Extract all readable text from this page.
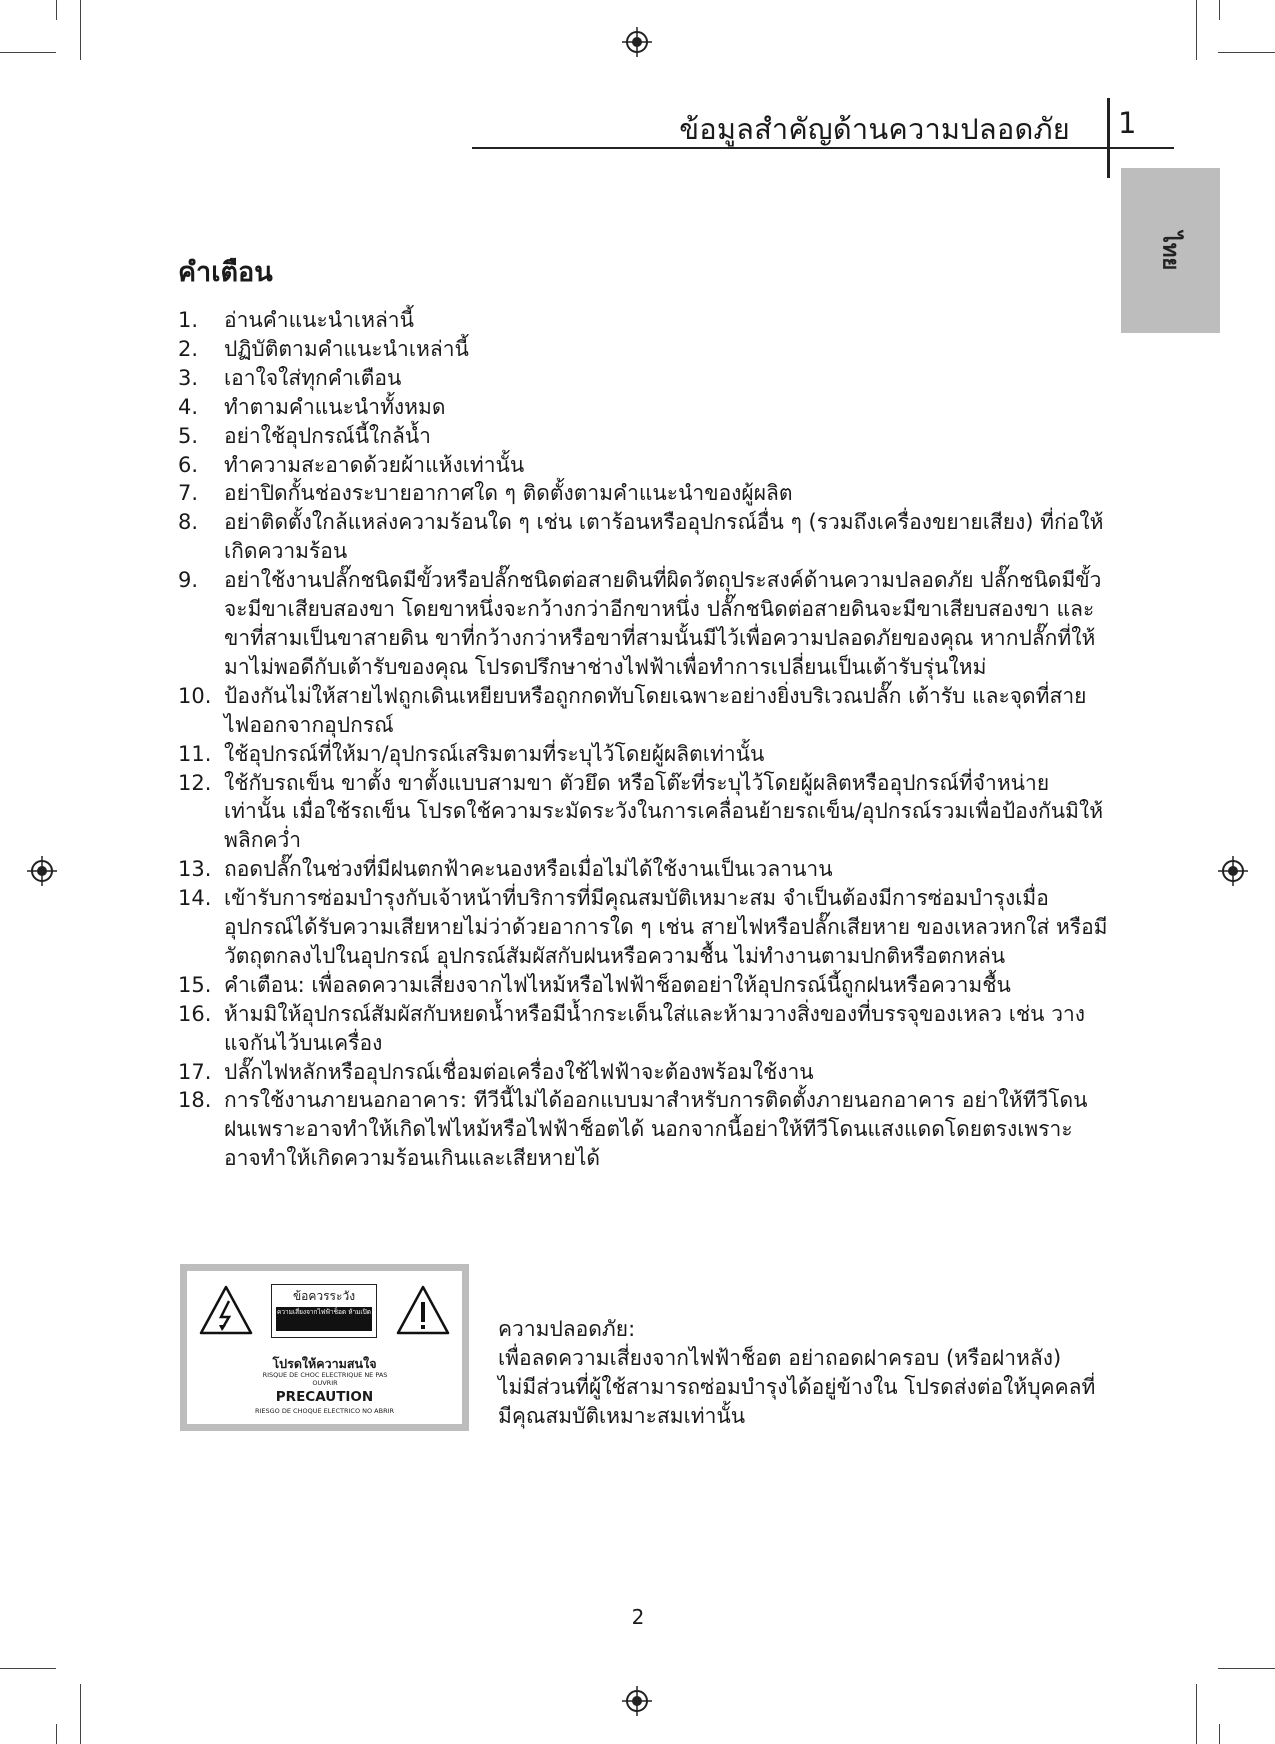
ข้อมูลสำคัญด้านความปลอดภัย 1
ไทย
คำเตือน
1.	อ่านคำแนะนำเหล่านี้
2.	ปฏิบัติตามคำแนะนำเหล่านี้
3.	เอาใจใส่ทุกคำเตือน
4.	ทำตามคำแนะนำทั้งหมด
5.	อย่าใช้อุปกรณ์นี้ใกล้น้ำ
6.	ทำความสะอาดด้วยผ้าแห้งเท่านั้น
7.	อย่าปิดกั้นช่องระบายอากาศใด ๆ ติดตั้งตามคำแนะนำของผู้ผลิต
8.	อย่าติดตั้งใกล้แหล่งความร้อนใด ๆ เช่น เตาร้อนหรืออุปกรณ์อื่น ๆ (รวมถึงเครื่องขยายเสียง) ที่ก่อให้เกิดความร้อน
9.	อย่าใช้งานปลั๊กชนิดมีขั้วหรือปลั๊กชนิดต่อสายดินที่ผิดวัตถุประสงค์ด้านความปลอดภัย ปลั๊กชนิดมีขั้วจะมีขาเสียบสองขา โดยขาหนึ่งจะกว้างกว่าอีกขาหนึ่ง ปลั๊กชนิดต่อสายดินจะมีขาเสียบสองขา และขาที่สามเป็นขาสายดิน ขาที่กว้างกว่าหรือขาที่สามนั้นมีไว้เพื่อความปลอดภัยของคุณ หากปลั๊กที่ให้มาไม่พอดีกับเต้ารับของคุณ โปรดปรึกษาช่างไฟฟ้าเพื่อทำการเปลี่ยนเป็นเต้ารับรุ่นใหม่
10. ป้องกันไม่ให้สายไฟถูกเดินเหยียบหรือถูกกดทับโดยเฉพาะอย่างยิ่งบริเวณปลั๊ก เต้ารับ และจุดที่สายไฟออกจากอุปกรณ์
11. ใช้อุปกรณ์ที่ให้มา/อุปกรณ์เสริมตามที่ระบุไว้โดยผู้ผลิตเท่านั้น
12. ใช้กับรถเข็น ขาตั้ง ขาตั้งแบบสามขา ตัวยึด หรือโต๊ะที่ระบุไว้โดยผู้ผลิตหรืออุปกรณ์ที่จำหน่ายเท่านั้น เมื่อใช้รถเข็น โปรดใช้ความระมัดระวังในการเคลื่อนย้ายรถเข็น/อุปกรณ์รวมเพื่อป้องกันมิให้พลิกคว่ำ
13. ถอดปลั๊กในช่วงที่มีฝนตกฟ้าคะนองหรือเมื่อไม่ได้ใช้งานเป็นเวลานาน
14. เข้ารับการซ่อมบำรุงกับเจ้าหน้าที่บริการที่มีคุณสมบัติเหมาะสม จำเป็นต้องมีการซ่อมบำรุงเมื่ออุปกรณ์ได้รับความเสียหายไม่ว่าด้วยอาการใด ๆ เช่น สายไฟหรือปลั๊กเสียหาย ของเหลวหกใส่ หรือมีวัตถุตกลงไปในอุปกรณ์ อุปกรณ์สัมผัสกับฝนหรือความชื้น ไม่ทำงานตามปกติหรือตกหล่น
15. คำเตือน: เพื่อลดความเสี่ยงจากไฟไหม้หรือไฟฟ้าช็อตอย่าให้อุปกรณ์นี้ถูกฝนหรือความชื้น
16. ห้ามมิให้อุปกรณ์สัมผัสกับหยดน้ำหรือมีน้ำกระเด็นใส่และห้ามวางสิ่งของที่บรรจุของเหลว เช่น วางแจกันไว้บนเครื่อง
17. ปลั๊กไฟหลักหรืออุปกรณ์เชื่อมต่อเครื่องใช้ไฟฟ้าจะต้องพร้อมใช้งาน
18. การใช้งานภายนอกอาคาร: ทีวีนี้ไม่ได้ออกแบบมาสำหรับการติดตั้งภายนอกอาคาร อย่าให้ทีวีโดนฝนเพราะอาจทำให้เกิดไฟไหม้หรือไฟฟ้าช็อตได้ นอกจากนี้อย่าให้ทีวีโดนแสงแดดโดยตรงเพราะอาจทำให้เกิดความร้อนเกินและเสียหายได้
ข้อควรระวัง
ความเสี่ยงจากไฟฟ้าช็อต ห้ามเปิด
โปรดให้ความสนใจ
RISQUE DE CHOC ELECTRIQUE NE PAS OUVRIR
PRECAUTION
RIESGO DE CHOQUE ELECTRICO NO ABRIR
ความปลอดภัย:
เพื่อลดความเสี่ยงจากไฟฟ้าช็อต อย่าถอดฝาครอบ (หรือฝาหลัง) ไม่มีส่วนที่ผู้ใช้สามารถซ่อมบำรุงได้อยู่ข้างใน โปรดส่งต่อให้บุคคลที่มีคุณสมบัติเหมาะสมเท่านั้น
2
